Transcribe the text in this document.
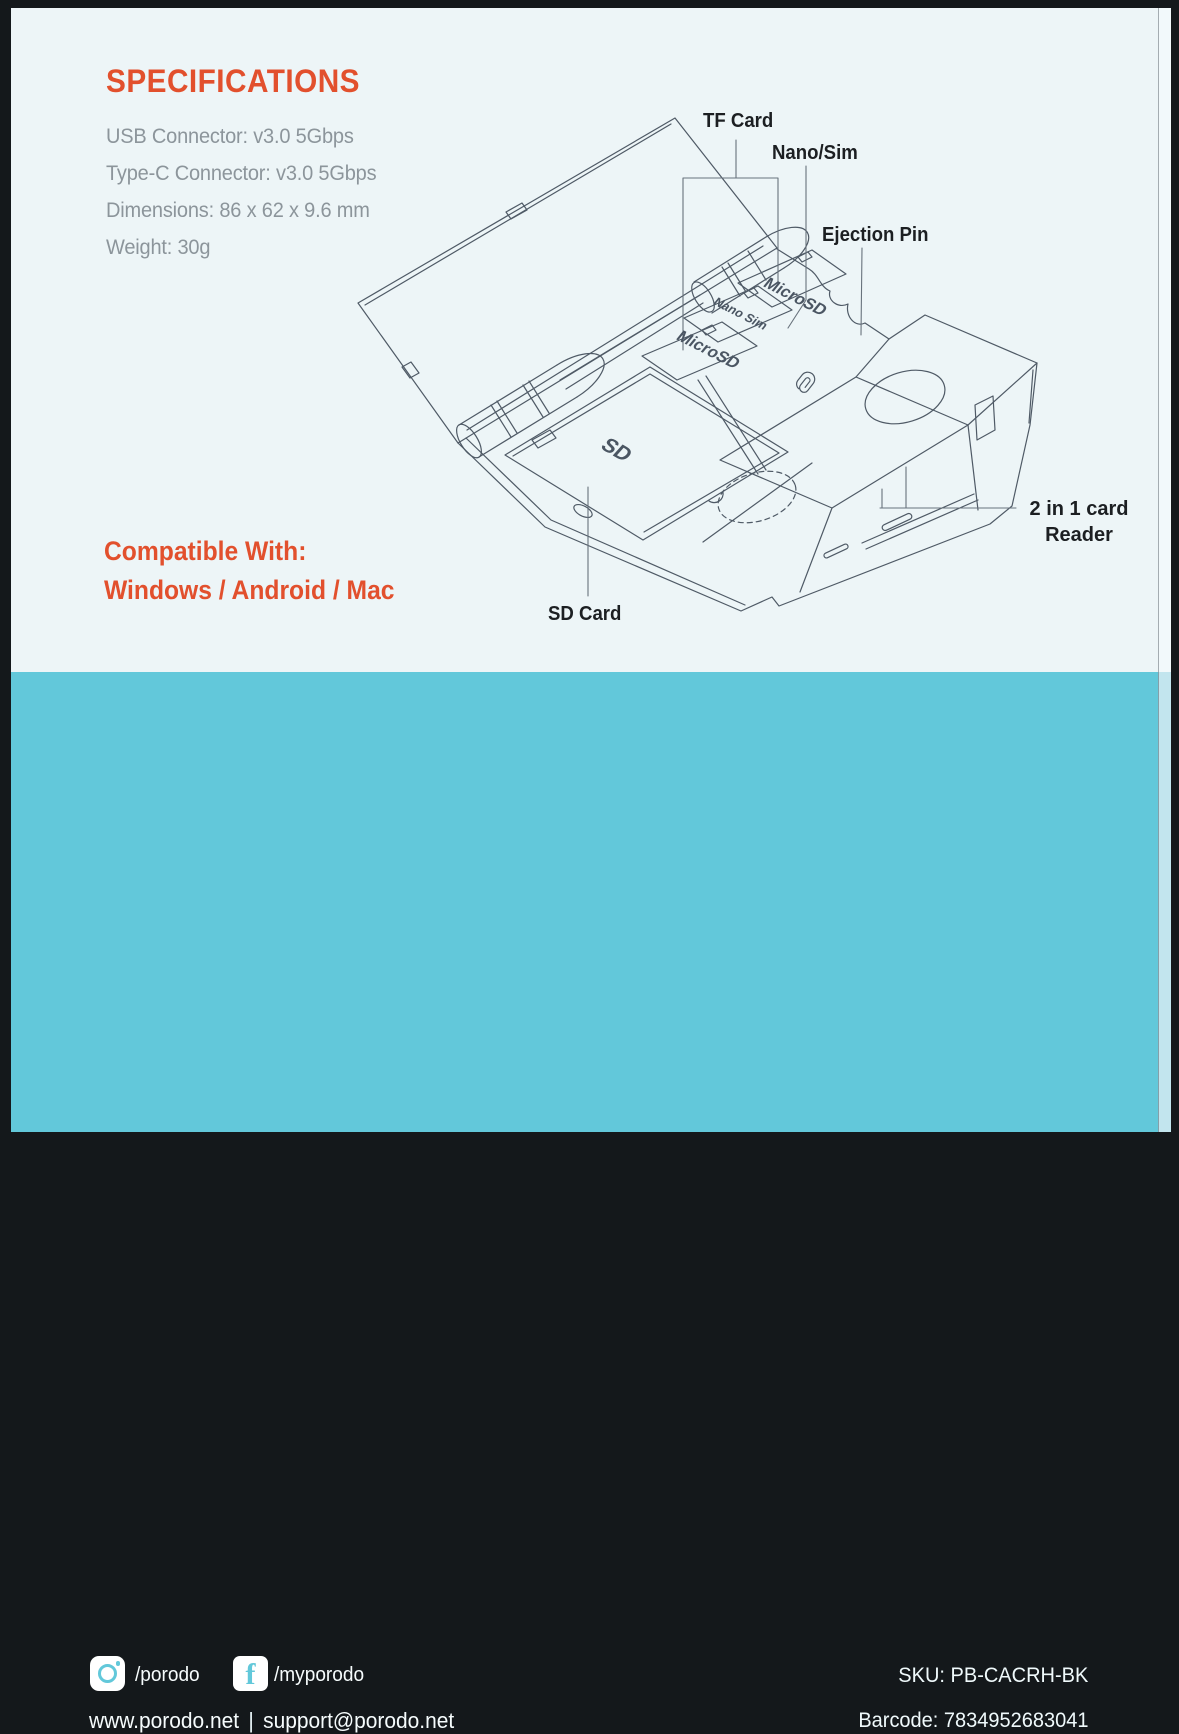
SPECIFICATIONS
USB Connector: v3.0 5Gbps
Type-C Connector: v3.0 5Gbps
Dimensions: 86 x 62 x 9.6 mm
Weight: 30g
Compatible With:
Windows / Android / Mac
MicroSD
Nano Sim
MicroSD
SD
TF Card
Nano/Sim
Ejection Pin
2 in 1 card
Reader
SD Card
/porodo	f /myporodo
www.porodo.net | support@porodo.net
SKU: PB-CACRH-BK
Barcode: 7834952683041
